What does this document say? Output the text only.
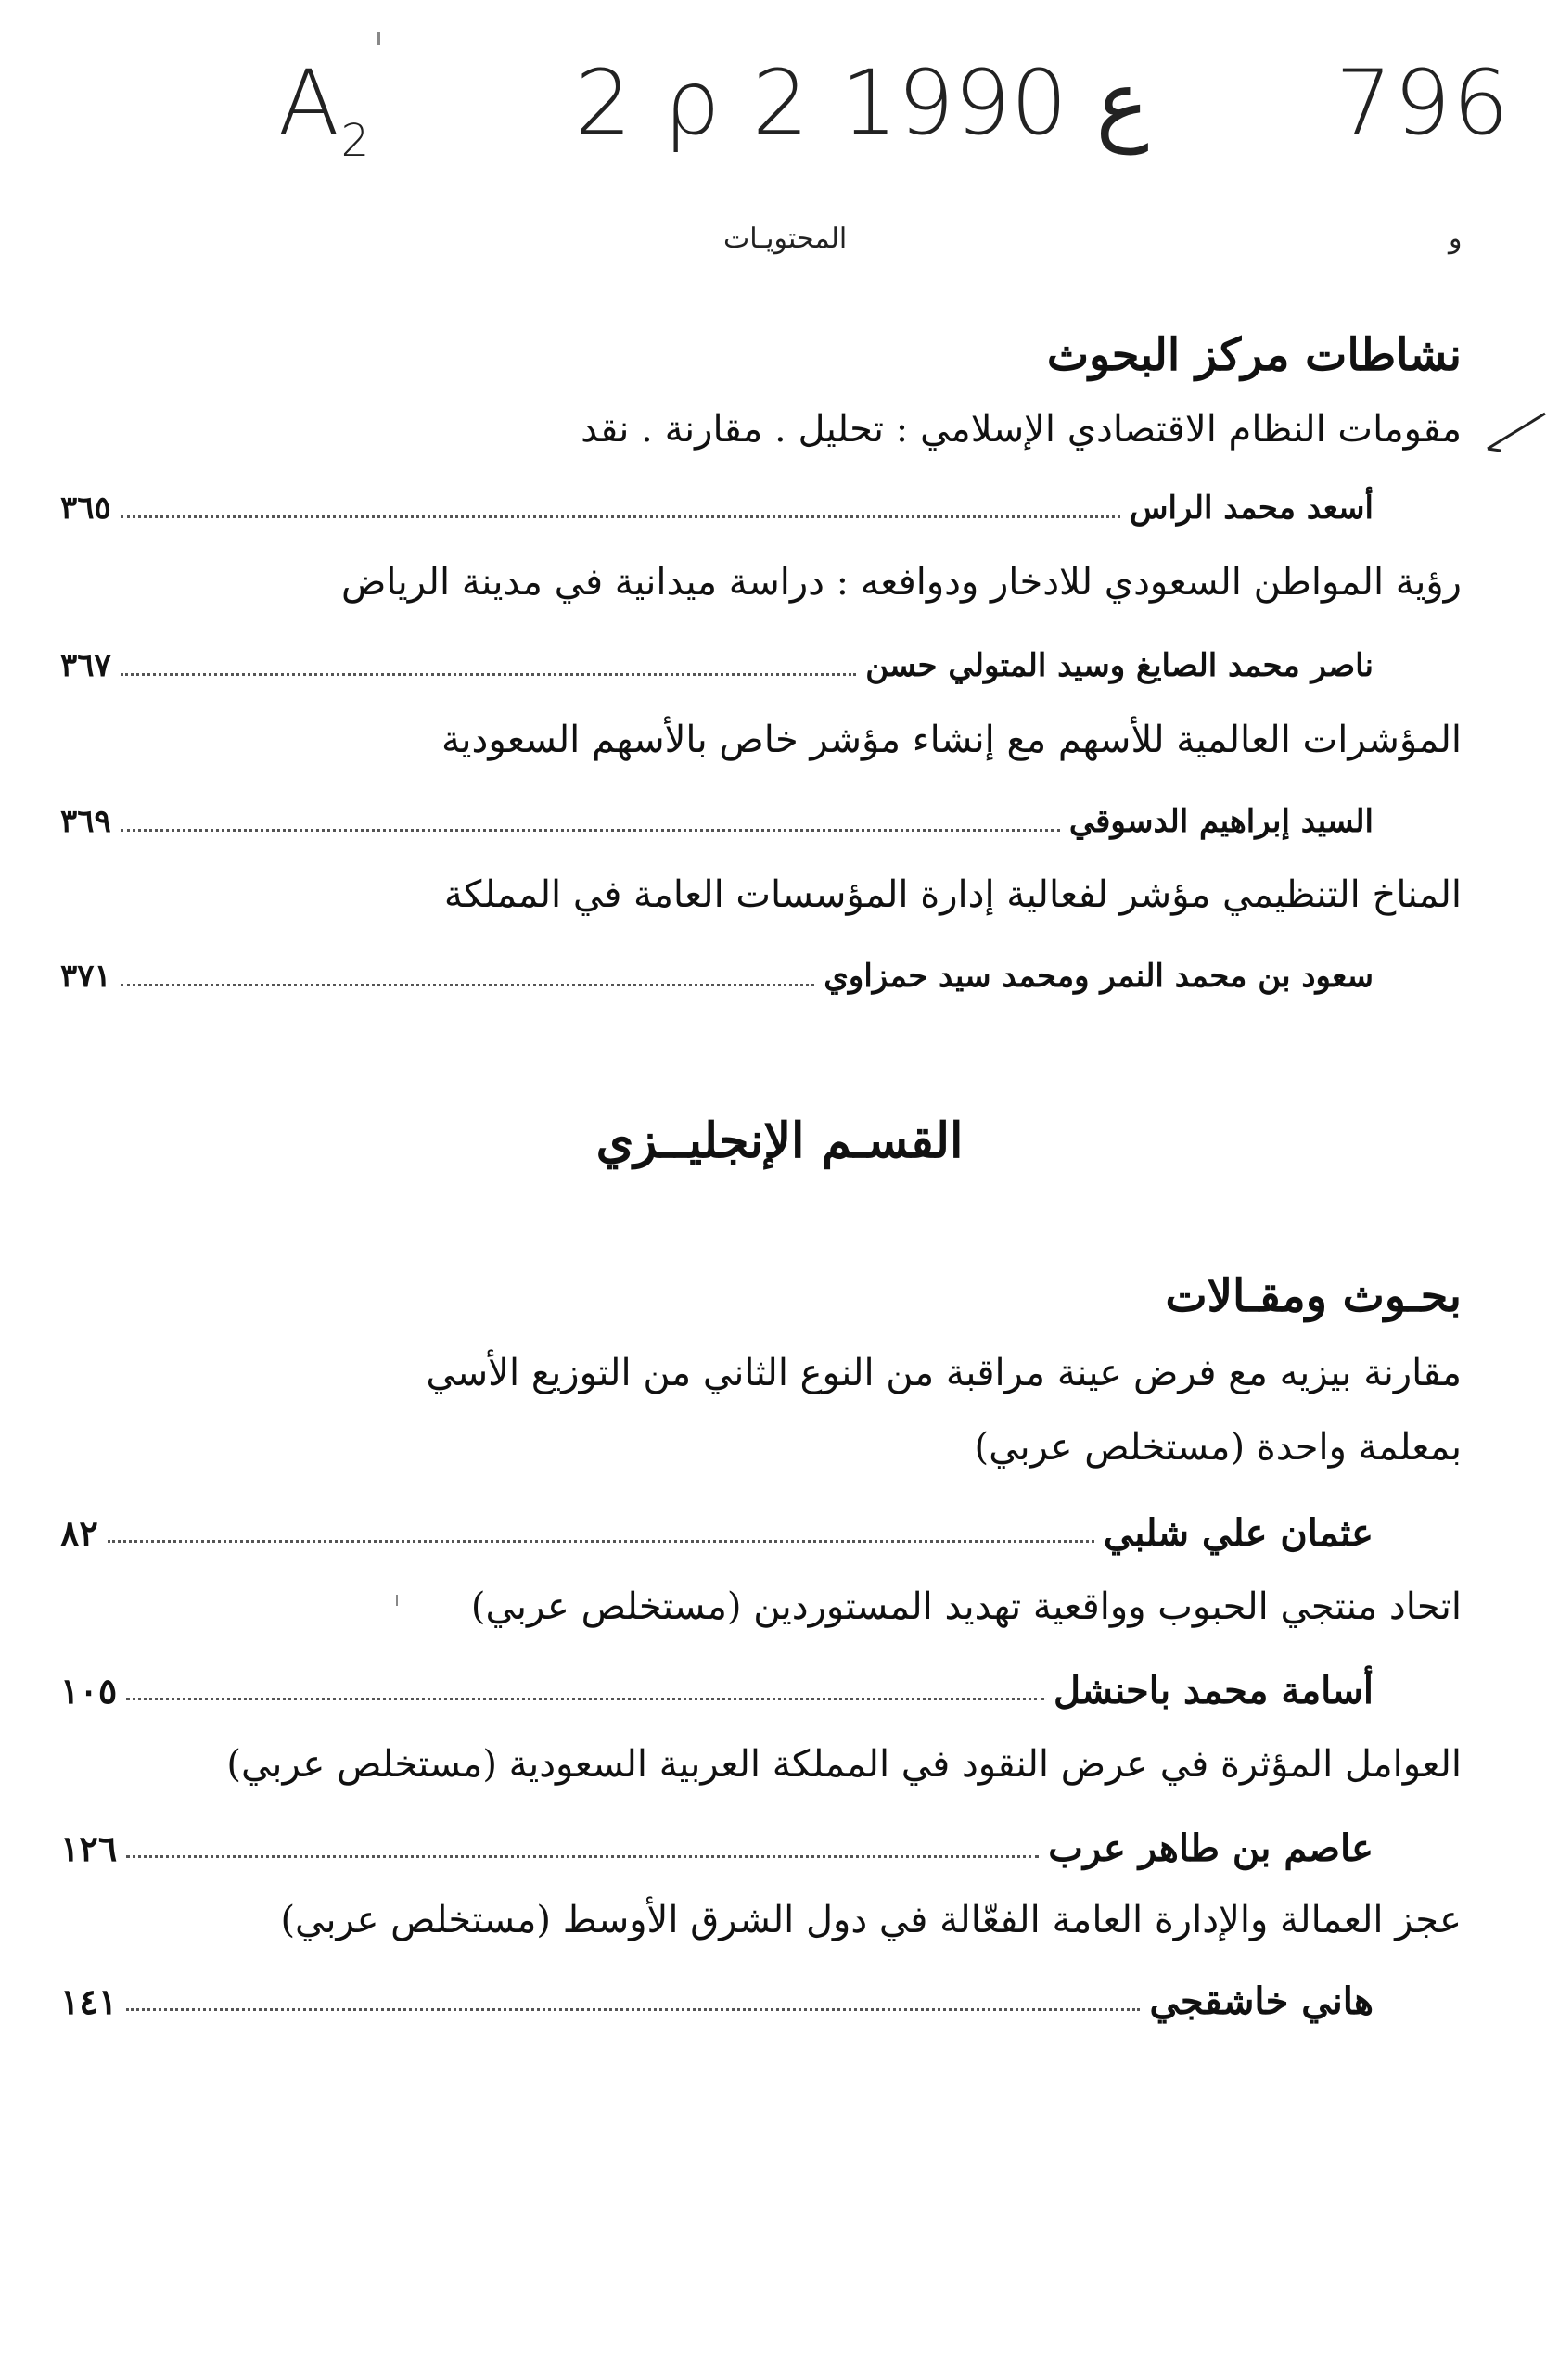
$A_2$ 2 ρ 2 ع 1990 796
المحتويـات	و
نشاطات مركز البحوث
مقومات النظام الاقتصادي الإسلامي : تحليل . مقارنة . نقد
٣٦٥	أسعد محمد الراس
رؤية المواطن السعودي للادخار ودوافعه : دراسة ميدانية في مدينة الرياض
٣٦٧	ناصر محمد الصايغ وسيد المتولي حسن
المؤشرات العالمية للأسهم مع إنشاء مؤشر خاص بالأسهم السعودية
٣٦٩	السيد إبراهيم الدسوقي
المناخ التنظيمي مؤشر لفعالية إدارة المؤسسات العامة في المملكة
٣٧١	سعود بن محمد النمر ومحمد سيد حمزاوي
القسـم الإنجليــزي
بحـوث ومقـالات
مقارنة بيزيه مع فرض عينة مراقبة من النوع الثاني من التوزيع الأسي
بمعلمة واحدة (مستخلص عربي)
٨٢	عثمان علي شلبي
اتحاد منتجي الحبوب وواقعية تهديد المستوردين (مستخلص عربي)
١٠٥	أسامة محمد باحنشل
العوامل المؤثرة في عرض النقود في المملكة العربية السعودية (مستخلص عربي)
١٢٦	عاصم بن طاهر عرب
عجز العمالة والإدارة العامة الفعّالة في دول الشرق الأوسط (مستخلص عربي)
١٤١	هاني خاشقجي
